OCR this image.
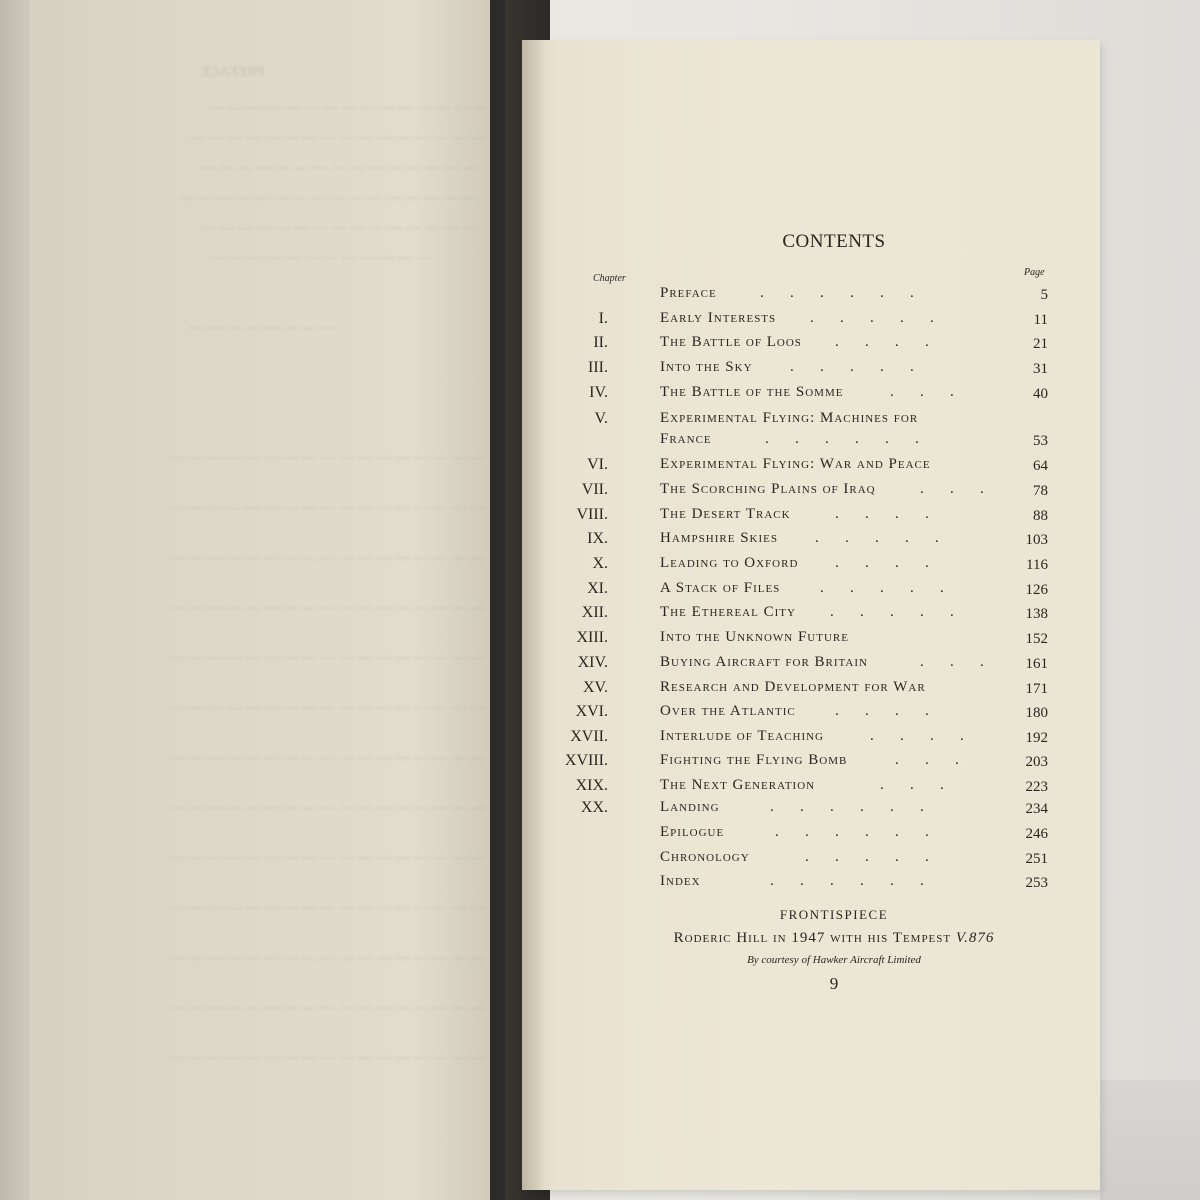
PREFACE
— — — — — — — — — — — — — — —
— — — — — — — — — — — — — — — —
— — — — — — — — — — — — — — —
— — — — — — — — — — — — — — — —
— — — — — — — — — — — — — — —
— — — — — — — — — — — —
— — — — — — — —
— — — — — — — — — — — — — — — — —
— — — — — — — — — — — — — — — — —
— — — — — — — — — — — — — — — — —
— — — — — — — — — — — — — — — — —
— — — — — — — — — — — — — — — — —
— — — — — — — — — — — — — — — — —
— — — — — — — — — — — — — — — — —
— — — — — — — — — — — — — — — — —
— — — — — — — — — — — — — — — — —
— — — — — — — — — — — — — — — — —
— — — — — — — — — — — — — — — — —
— — — — — — — — — — — — — — — — —
— — — — — — — — — — — — — — — — —
CONTENTS
Chapter
Page
Preface	.   .   .   .   .   .	5
I.	Early Interests .   .   .   .   .	11
II.	The Battle of Loos .   .   .   .	21
III.	Into the Sky .   .   .   .   .	31
IV.	The Battle of the Somme	.   .   .	40
V.	Experimental Flying: Machines for
France	.   .   .   .   .   .	53
VI.	Experimental Flying: War and Peace	64
VII.	The Scorching Plains of Iraq	.   .   .	78
VIII.	The Desert Track	.   .   .   .	88
IX.	Hampshire Skies .   .   .   .   .	103
X.	Leading to Oxford .   .   .   .	116
XI.	A Stack of Files	.   .   .   .   .	126
XII.	The Ethereal City .   .   .   .   .	138
XIII.	Into the Unknown Future	152
XIV.	Buying Aircraft for Britain	.   .   .	161
XV.	Research and Development for War	171
XVI.	Over the Atlantic	.   .   .   .	180
XVII.	Interlude of Teaching	.   .   .   .	192
XVIII.	Fighting the Flying Bomb	.   .   .	203
XIX.	The Next Generation	.   .   .	223
XX.	Landing	.   .   .   .   .   .	234
Epilogue	.   .   .   .   .   .	246
Chronology	.   .   .   .   .	251
Index	.   .   .   .   .   .	253
FRONTISPIECE
Roderic Hill in 1947 with his Tempest V.876
By courtesy of Hawker Aircraft Limited
9
